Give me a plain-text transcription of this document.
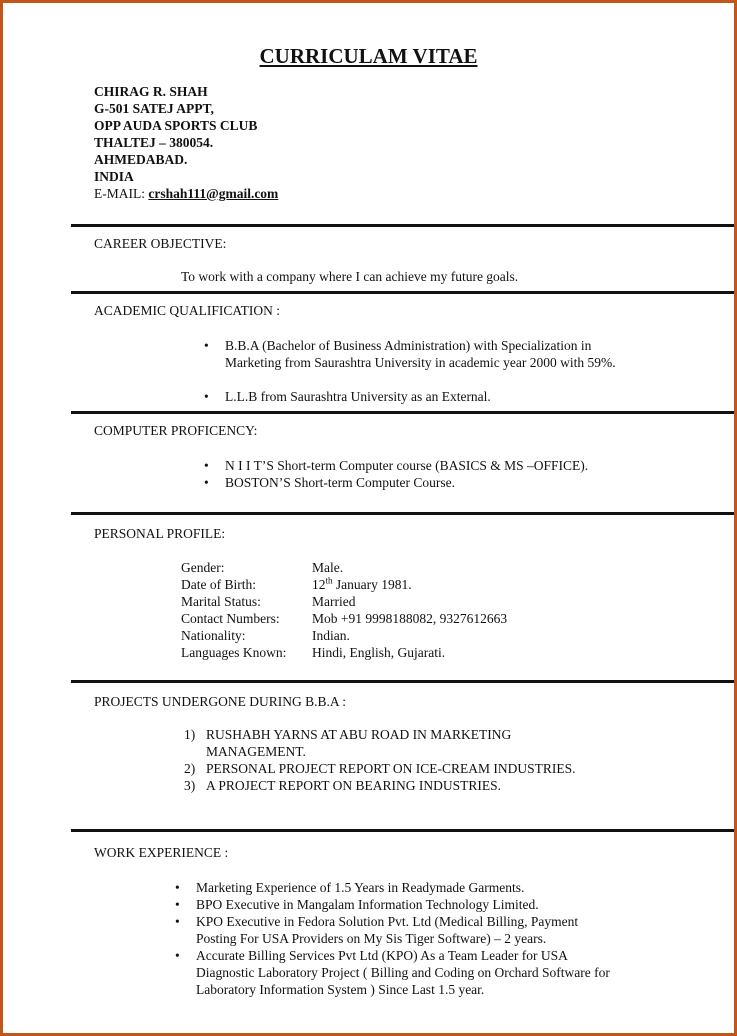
CURRICULAM VITAE
CHIRAG R. SHAH
G-501 SATEJ APPT,
OPP AUDA SPORTS CLUB
THALTEJ – 380054.
AHMEDABAD.
INDIA
E-MAIL: crshah111@gmail.com
CAREER OBJECTIVE:
To work with a company where I can achieve my future goals.
ACADEMIC QUALIFICATION :
• B.B.A (Bachelor of Business Administration) with Specialization in
Marketing from Saurashtra University in academic year 2000 with 59%.
• L.L.B from Saurashtra University as an External.
COMPUTER PROFICENCY:
• N I I T’S Short-term Computer course (BASICS & MS –OFFICE).
• BOSTON’S Short-term Computer Course.
PERSONAL PROFILE:
Gender:	Male.
Date of Birth:	12th January 1981.
Marital Status:	Married
Contact Numbers:	Mob +91 9998188082, 9327612663
Nationality:	Indian.
Languages Known:	Hindi, English, Gujarati.
PROJECTS UNDERGONE DURING B.B.A :
1) RUSHABH YARNS AT ABU ROAD IN MARKETING
MANAGEMENT.
2) PERSONAL PROJECT REPORT ON ICE-CREAM INDUSTRIES.
3) A PROJECT REPORT ON BEARING INDUSTRIES.
WORK EXPERIENCE :
• Marketing Experience of 1.5 Years in Readymade Garments.
• BPO Executive in Mangalam Information Technology Limited.
• KPO Executive in Fedora Solution Pvt. Ltd (Medical Billing, Payment
Posting For USA Providers on My Sis Tiger Software) – 2 years.
• Accurate Billing Services Pvt Ltd (KPO) As a Team Leader for USA
Diagnostic Laboratory Project ( Billing and Coding on Orchard Software for
Laboratory Information System ) Since Last 1.5 year.
